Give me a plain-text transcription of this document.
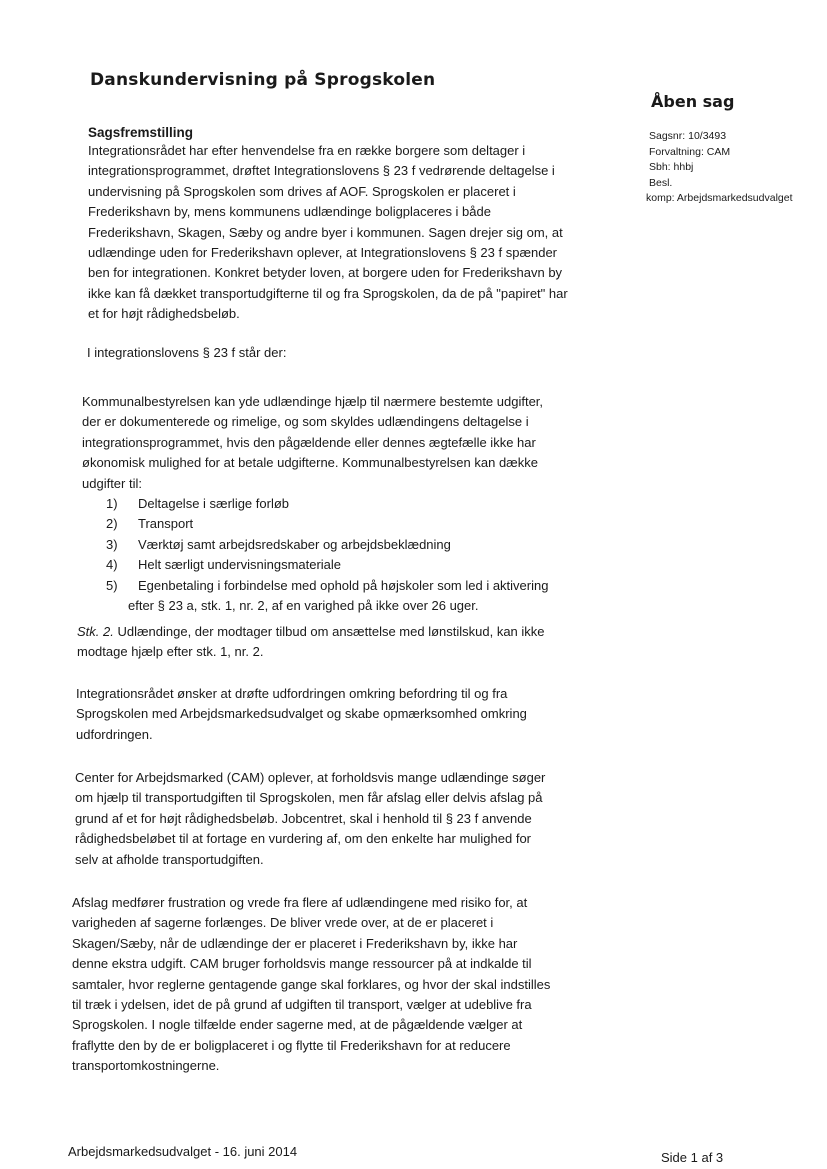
Danskundervisning på Sprogskolen
Åben sag
Sagsnr: 10/3493
Forvaltning: CAM
Sbh: hhbj
Besl.
komp: Arbejdsmarkedsudvalget
Sagsfremstilling
Integrationsrådet har efter henvendelse fra en række borgere som deltager i
integrationsprogrammet, drøftet Integrationslovens § 23 f vedrørende deltagelse i
undervisning på Sprogskolen som drives af AOF. Sprogskolen er placeret i
Frederikshavn by, mens kommunens udlændinge boligplaceres i både
Frederikshavn, Skagen, Sæby og andre byer i kommunen. Sagen drejer sig om, at
udlændinge uden for Frederikshavn oplever, at Integrationslovens § 23 f spænder
ben for integrationen. Konkret betyder loven, at borgere uden for Frederikshavn by
ikke kan få dækket transportudgifterne til og fra Sprogskolen, da de på "papiret" har
et for højt rådighedsbeløb.
I integrationslovens § 23 f står der:
Kommunalbestyrelsen kan yde udlændinge hjælp til nærmere bestemte udgifter,
der er dokumenterede og rimelige, og som skyldes udlændingens deltagelse i
integrationsprogrammet, hvis den pågældende eller dennes ægtefælle ikke har
økonomisk mulighed for at betale udgifterne. Kommunalbestyrelsen kan dække
udgifter til:
1) Deltagelse i særlige forløb
2) Transport
3) Værktøj samt arbejdsredskaber og arbejdsbeklædning
4) Helt særligt undervisningsmateriale
5) Egenbetaling i forbindelse med ophold på højskoler som led i aktivering
efter § 23 a, stk. 1, nr. 2, af en varighed på ikke over 26 uger.
Stk. 2. Udlændinge, der modtager tilbud om ansættelse med lønstilskud, kan ikke
modtage hjælp efter stk. 1, nr. 2.
Integrationsrådet ønsker at drøfte udfordringen omkring befordring til og fra
Sprogskolen med Arbejdsmarkedsudvalget og skabe opmærksomhed omkring
udfordringen.
Center for Arbejdsmarked (CAM) oplever, at forholdsvis mange udlændinge søger
om hjælp til transportudgiften til Sprogskolen, men får afslag eller delvis afslag på
grund af et for højt rådighedsbeløb. Jobcentret, skal i henhold til § 23 f anvende
rådighedsbeløbet til at fortage en vurdering af, om den enkelte har mulighed for
selv at afholde transportudgiften.
Afslag medfører frustration og vrede fra flere af udlændingene med risiko for, at
varigheden af sagerne forlænges. De bliver vrede over, at de er placeret i
Skagen/Sæby, når de udlændinge der er placeret i Frederikshavn by, ikke har
denne ekstra udgift. CAM bruger forholdsvis mange ressourcer på at indkalde til
samtaler, hvor reglerne gentagende gange skal forklares, og hvor der skal indstilles
til træk i ydelsen, idet de på grund af udgiften til transport, vælger at udeblive fra
Sprogskolen. I nogle tilfælde ender sagerne med, at de pågældende vælger at
fraflytte den by de er boligplaceret i og flytte til Frederikshavn for at reducere
transportomkostningerne.
Arbejdsmarkedsudvalget - 16. juni 2014	Side 1 af 3
